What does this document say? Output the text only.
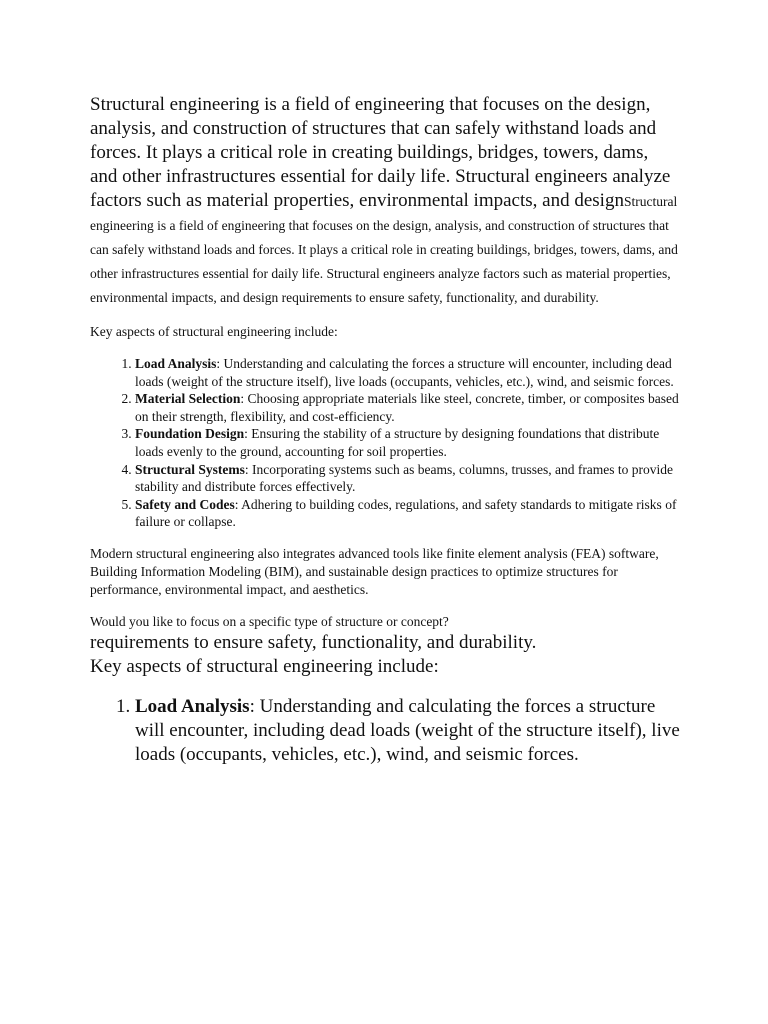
Structural engineering is a field of engineering that focuses on the design, analysis, and construction of structures that can safely withstand loads and forces. It plays a critical role in creating buildings, bridges, towers, dams, and other infrastructures essential for daily life. Structural engineers analyze factors such as material properties, environmental impacts, and designStructural engineering is a field of engineering that focuses on the design, analysis, and construction of structures that can safely withstand loads and forces. It plays a critical role in creating buildings, bridges, towers, dams, and other infrastructures essential for daily life. Structural engineers analyze factors such as material properties, environmental impacts, and design requirements to ensure safety, functionality, and durability.

Key aspects of structural engineering include:

1. Load Analysis: Understanding and calculating the forces a structure will encounter, including dead loads (weight of the structure itself), live loads (occupants, vehicles, etc.), wind, and seismic forces.
2. Material Selection: Choosing appropriate materials like steel, concrete, timber, or composites based on their strength, flexibility, and cost-efficiency.
3. Foundation Design: Ensuring the stability of a structure by designing foundations that distribute loads evenly to the ground, accounting for soil properties.
4. Structural Systems: Incorporating systems such as beams, columns, trusses, and frames to provide stability and distribute forces effectively.
5. Safety and Codes: Adhering to building codes, regulations, and safety standards to mitigate risks of failure or collapse.

Modern structural engineering also integrates advanced tools like finite element analysis (FEA) software, Building Information Modeling (BIM), and sustainable design practices to optimize structures for performance, environmental impact, and aesthetics.

Would you like to focus on a specific type of structure or concept?

requirements to ensure safety, functionality, and durability.

Key aspects of structural engineering include:

1. Load Analysis: Understanding and calculating the forces a structure will encounter, including dead loads (weight of the structure itself), live loads (occupants, vehicles, etc.), wind, and seismic forces.
